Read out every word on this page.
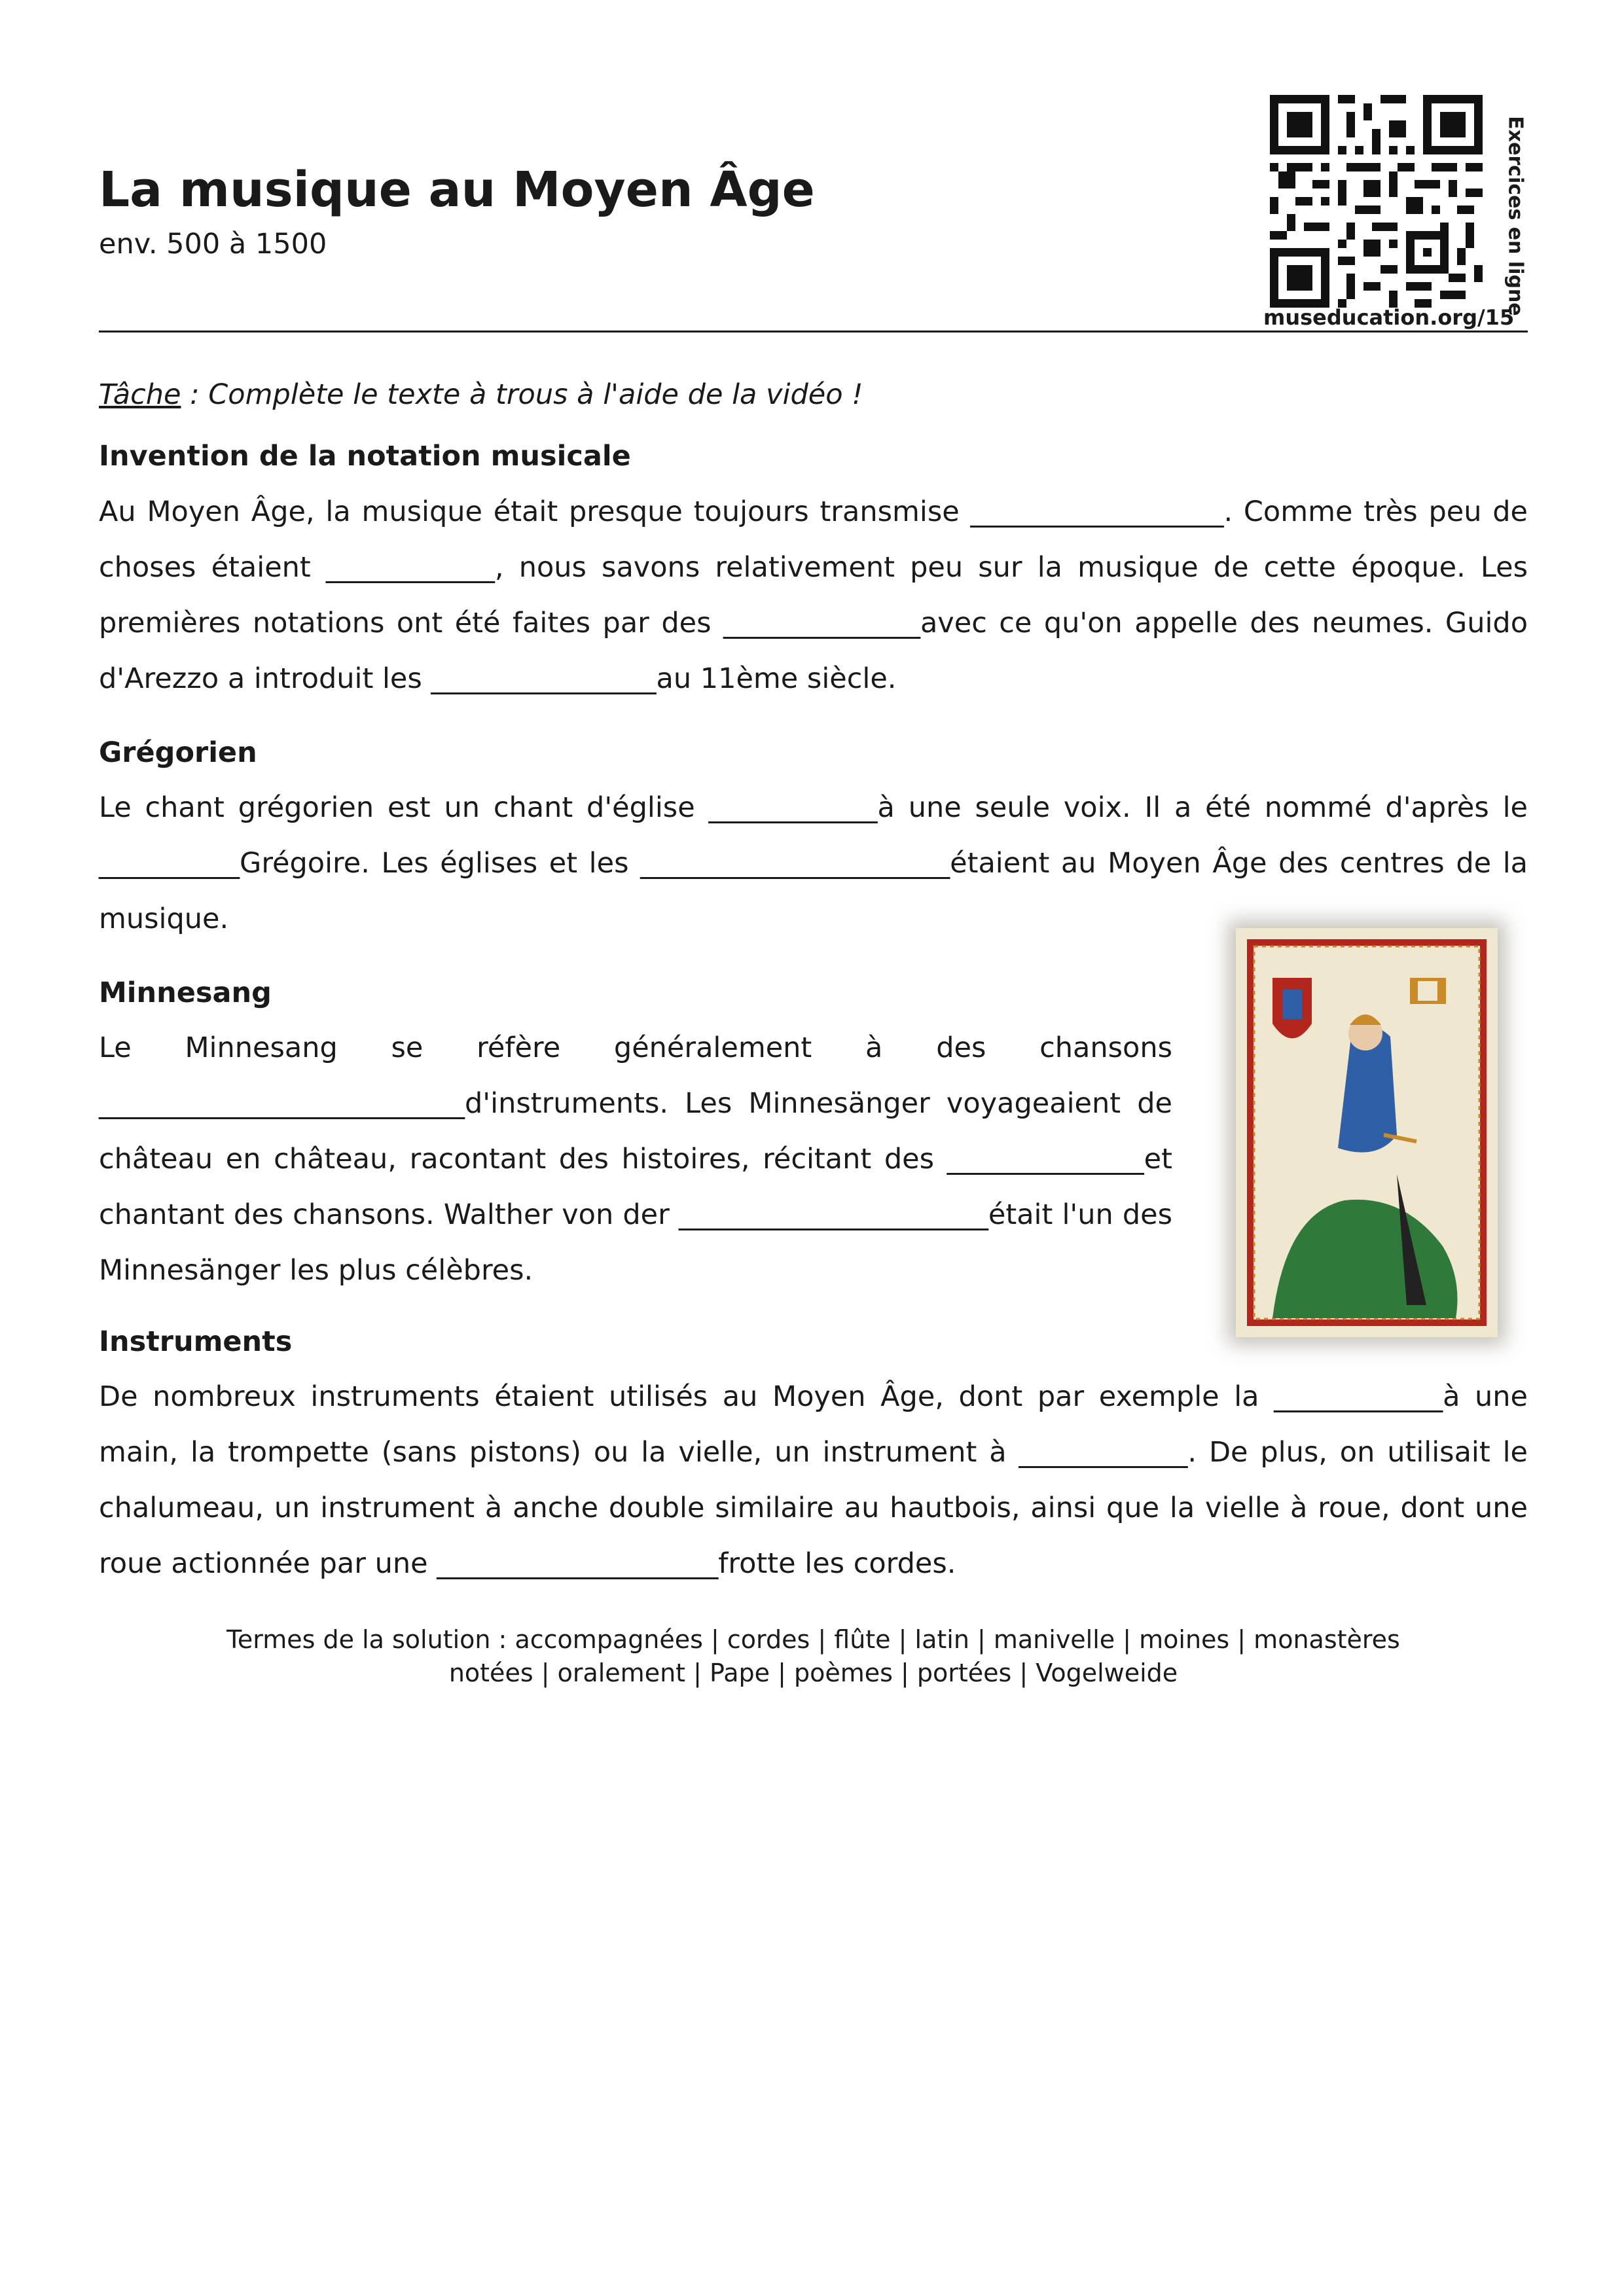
La musique au Moyen Âge
env. 500 à 1500	Exercices en ligne
museducation.org/15
Tâche : Complète le texte à trous à l'aide de la vidéo !
Invention de la notation musicale

Au Moyen Âge, la musique était presque toujours transmise __________________. Comme très peu de choses étaient ____________, nous savons relativement peu sur la musique de cette époque. Les premières notations ont été faites par des ______________avec ce qu'on appelle des neumes. Guido d'Arezzo a introduit les ________________au 11ème siècle.

Grégorien

Le chant grégorien est un chant d'église ____________à une seule voix. Il a été nommé d'après le __________Grégoire. Les églises et les ______________________étaient au Moyen Âge des centres de la musique.

Minnesang

Le Minnesang se réfère généralement à des chansons __________________________d'instruments. Les Minnesänger voyageaient de château en château, racontant des histoires, récitant des ______________et chantant des chansons. Walther von der ______________________était l'un des Minnesänger les plus célèbres.

Instruments

De nombreux instruments étaient utilisés au Moyen Âge, dont par exemple la ____________à une main, la trompette (sans pistons) ou la vielle, un instrument à ____________. De plus, on utilisait le chalumeau, un instrument à anche double similaire au hautbois, ainsi que la vielle à roue, dont une roue actionnée par une ____________________frotte les cordes.

Termes de la solution : accompagnées | cordes | flûte | latin | manivelle | moines | monastères
notées | oralement | Pape | poèmes | portées | Vogelweide
